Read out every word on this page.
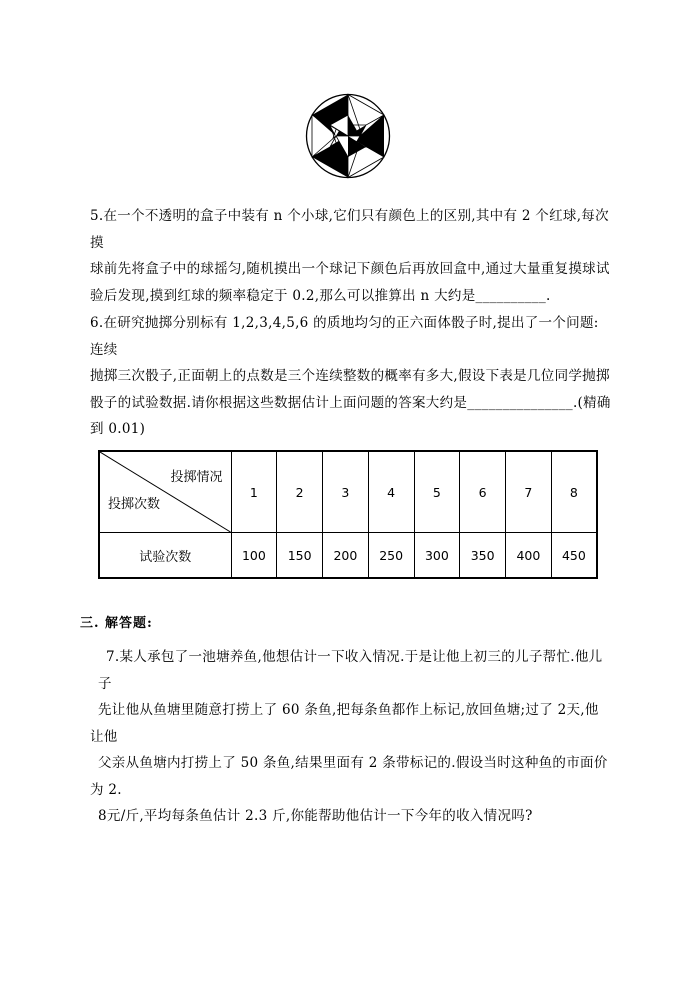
5.在一个不透明的盒子中装有 n 个小球,它们只有颜色上的区别,其中有 2 个红球,每次摸
球前先将盒子中的球摇匀,随机摸出一个球记下颜色后再放回盒中,通过大量重复摸球试
验后发现,摸到红球的频率稳定于 0.2,那么可以推算出 n 大约是__________.
6.在研究抛掷分别标有 1,2,3,4,5,6 的质地均匀的正六面体骰子时,提出了一个问题:连续
抛掷三次骰子,正面朝上的点数是三个连续整数的概率有多大,假设下表是几位同学抛掷
骰子的试验数据.请你根据这些数据估计上面问题的答案大约是_______________.(精确
到 0.01)
投掷情况
投掷次数	1	2	3	4	5	6	7	8
试验次数	100	150	200	250	300	350	400	450
三. 解答题:
7.某人承包了一池塘养鱼,他想估计一下收入情况.于是让他上初三的儿子帮忙.他儿子
先让他从鱼塘里随意打捞上了 60 条鱼,把每条鱼都作上标记,放回鱼塘;过了 2天,他让他
父亲从鱼塘内打捞上了 50 条鱼,结果里面有 2 条带标记的.假设当时这种鱼的市面价为 2.
8元/斤,平均每条鱼估计 2.3 斤,你能帮助他估计一下今年的收入情况吗?
